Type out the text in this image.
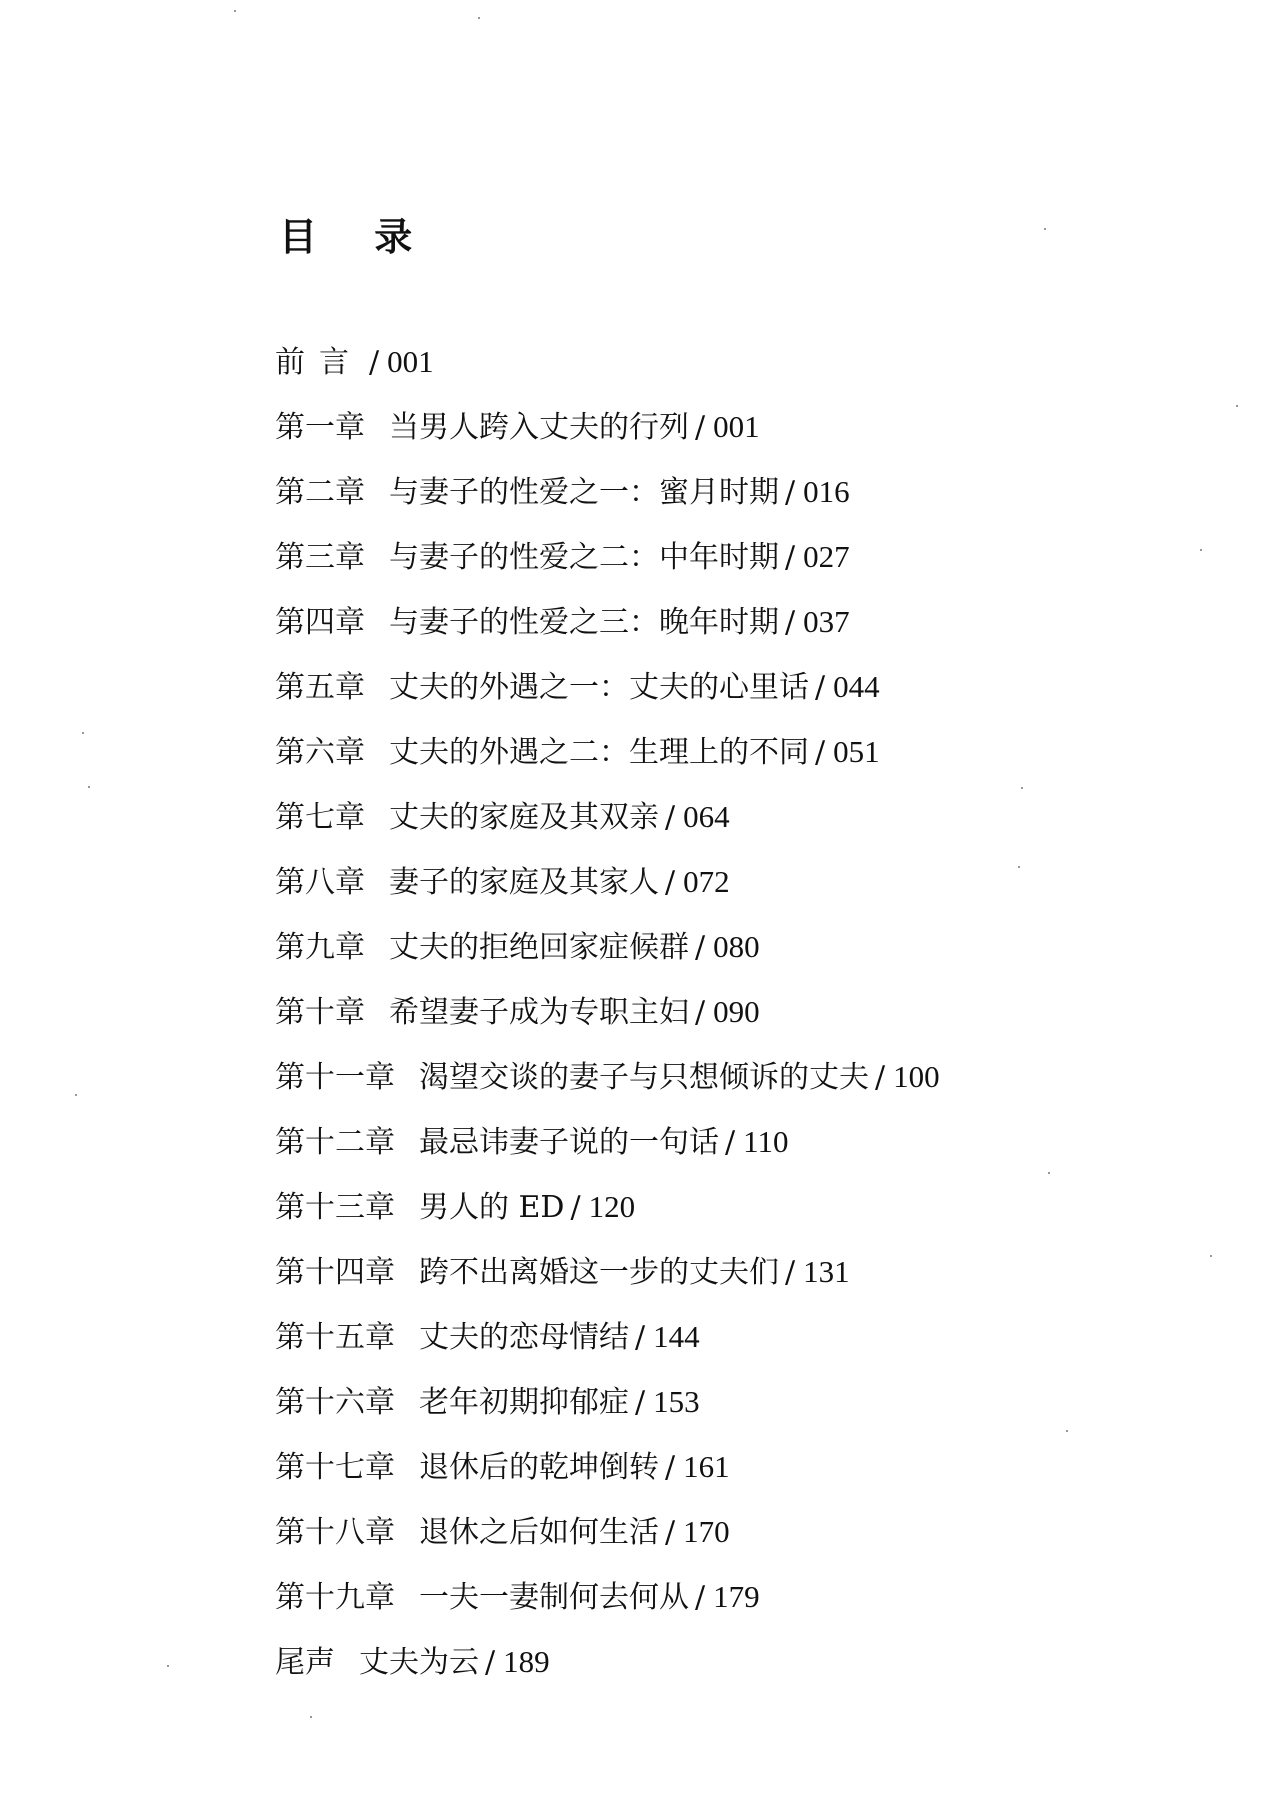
目 录
前言 / 001
第一章 当男人跨入丈夫的行列 / 001
第二章 与妻子的性爱之一：蜜月时期 / 016
第三章 与妻子的性爱之二：中年时期 / 027
第四章 与妻子的性爱之三：晚年时期 / 037
第五章 丈夫的外遇之一：丈夫的心里话 / 044
第六章 丈夫的外遇之二：生理上的不同 / 051
第七章 丈夫的家庭及其双亲 / 064
第八章 妻子的家庭及其家人 / 072
第九章 丈夫的拒绝回家症候群 / 080
第十章 希望妻子成为专职主妇 / 090
第十一章 渴望交谈的妻子与只想倾诉的丈夫 / 100
第十二章 最忌讳妻子说的一句话 / 110
第十三章 男人的 ED / 120
第十四章 跨不出离婚这一步的丈夫们 / 131
第十五章 丈夫的恋母情结 / 144
第十六章 老年初期抑郁症 / 153
第十七章 退休后的乾坤倒转 / 161
第十八章 退休之后如何生活 / 170
第十九章 一夫一妻制何去何从 / 179
尾声 丈夫为云 / 189
